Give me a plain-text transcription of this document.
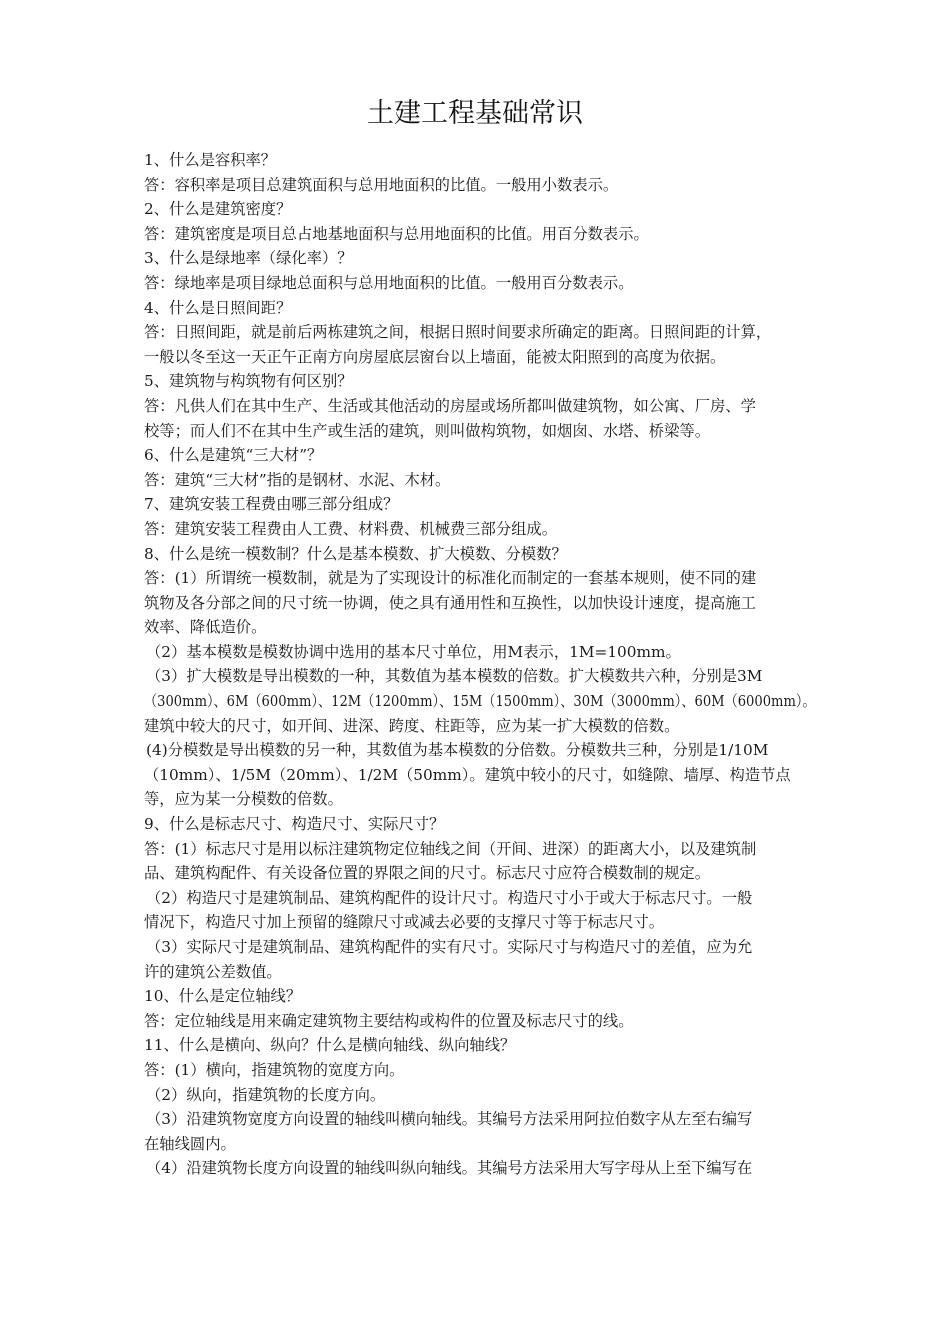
土建工程基础常识

1、什么是容积率？

答：容积率是项目总建筑面积与总用地面积的比值。一般用小数表示。

2、什么是建筑密度？

答：建筑密度是项目总占地基地面积与总用地面积的比值。用百分数表示。

3、什么是绿地率（绿化率）？

答：绿地率是项目绿地总面积与总用地面积的比值。一般用百分数表示。

4、什么是日照间距？

答：日照间距，就是前后两栋建筑之间，根据日照时间要求所确定的距离。日照间距的计算，

一般以冬至这一天正午正南方向房屋底层窗台以上墙面，能被太阳照到的高度为依据。

5、建筑物与构筑物有何区别？

答：凡供人们在其中生产、生活或其他活动的房屋或场所都叫做建筑物，如公寓、厂房、学

校等；而人们不在其中生产或生活的建筑，则叫做构筑物，如烟囱、水塔、桥梁等。

6、什么是建筑“三大材”？

答：建筑“三大材”指的是钢材、水泥、木材。

7、建筑安装工程费由哪三部分组成？

答：建筑安装工程费由人工费、材料费、机械费三部分组成。

8、什么是统一模数制？什么是基本模数、扩大模数、分模数？

答：(1）所谓统一模数制，就是为了实现设计的标准化而制定的一套基本规则，使不同的建

筑物及各分部之间的尺寸统一协调，使之具有通用性和互换性，以加快设计速度，提高施工

效率、降低造价。

（2）基本模数是模数协调中选用的基本尺寸单位，用M表示，1M=100mm。

（3）扩大模数是导出模数的一种，其数值为基本模数的倍数。扩大模数共六种，分别是3M

（300mm）、6M（600mm）、12M（1200mm）、15M（1500mm）、30M（3000mm）、60M（6000mm）。

建筑中较大的尺寸，如开间、进深、跨度、柱距等，应为某一扩大模数的倍数。

(4)分模数是导出模数的另一种，其数值为基本模数的分倍数。分模数共三种，分别是1/10M

（10mm）、1/5M（20mm）、1/2M（50mm）。建筑中较小的尺寸，如缝隙、墙厚、构造节点

等，应为某一分模数的倍数。

9、什么是标志尺寸、构造尺寸、实际尺寸？

答：(1）标志尺寸是用以标注建筑物定位轴线之间（开间、进深）的距离大小，以及建筑制

品、建筑构配件、有关设备位置的界限之间的尺寸。标志尺寸应符合模数制的规定。

（2）构造尺寸是建筑制品、建筑构配件的设计尺寸。构造尺寸小于或大于标志尺寸。一般

情况下，构造尺寸加上预留的缝隙尺寸或减去必要的支撑尺寸等于标志尺寸。

（3）实际尺寸是建筑制品、建筑构配件的实有尺寸。实际尺寸与构造尺寸的差值，应为允

许的建筑公差数值。

10、什么是定位轴线？

答：定位轴线是用来确定建筑物主要结构或构件的位置及标志尺寸的线。

11、什么是横向、纵向？什么是横向轴线、纵向轴线？

答：(1）横向，指建筑物的宽度方向。

（2）纵向，指建筑物的长度方向。

（3）沿建筑物宽度方向设置的轴线叫横向轴线。其编号方法采用阿拉伯数字从左至右编写

在轴线圆内。

（4）沿建筑物长度方向设置的轴线叫纵向轴线。其编号方法采用大写字母从上至下编写在
